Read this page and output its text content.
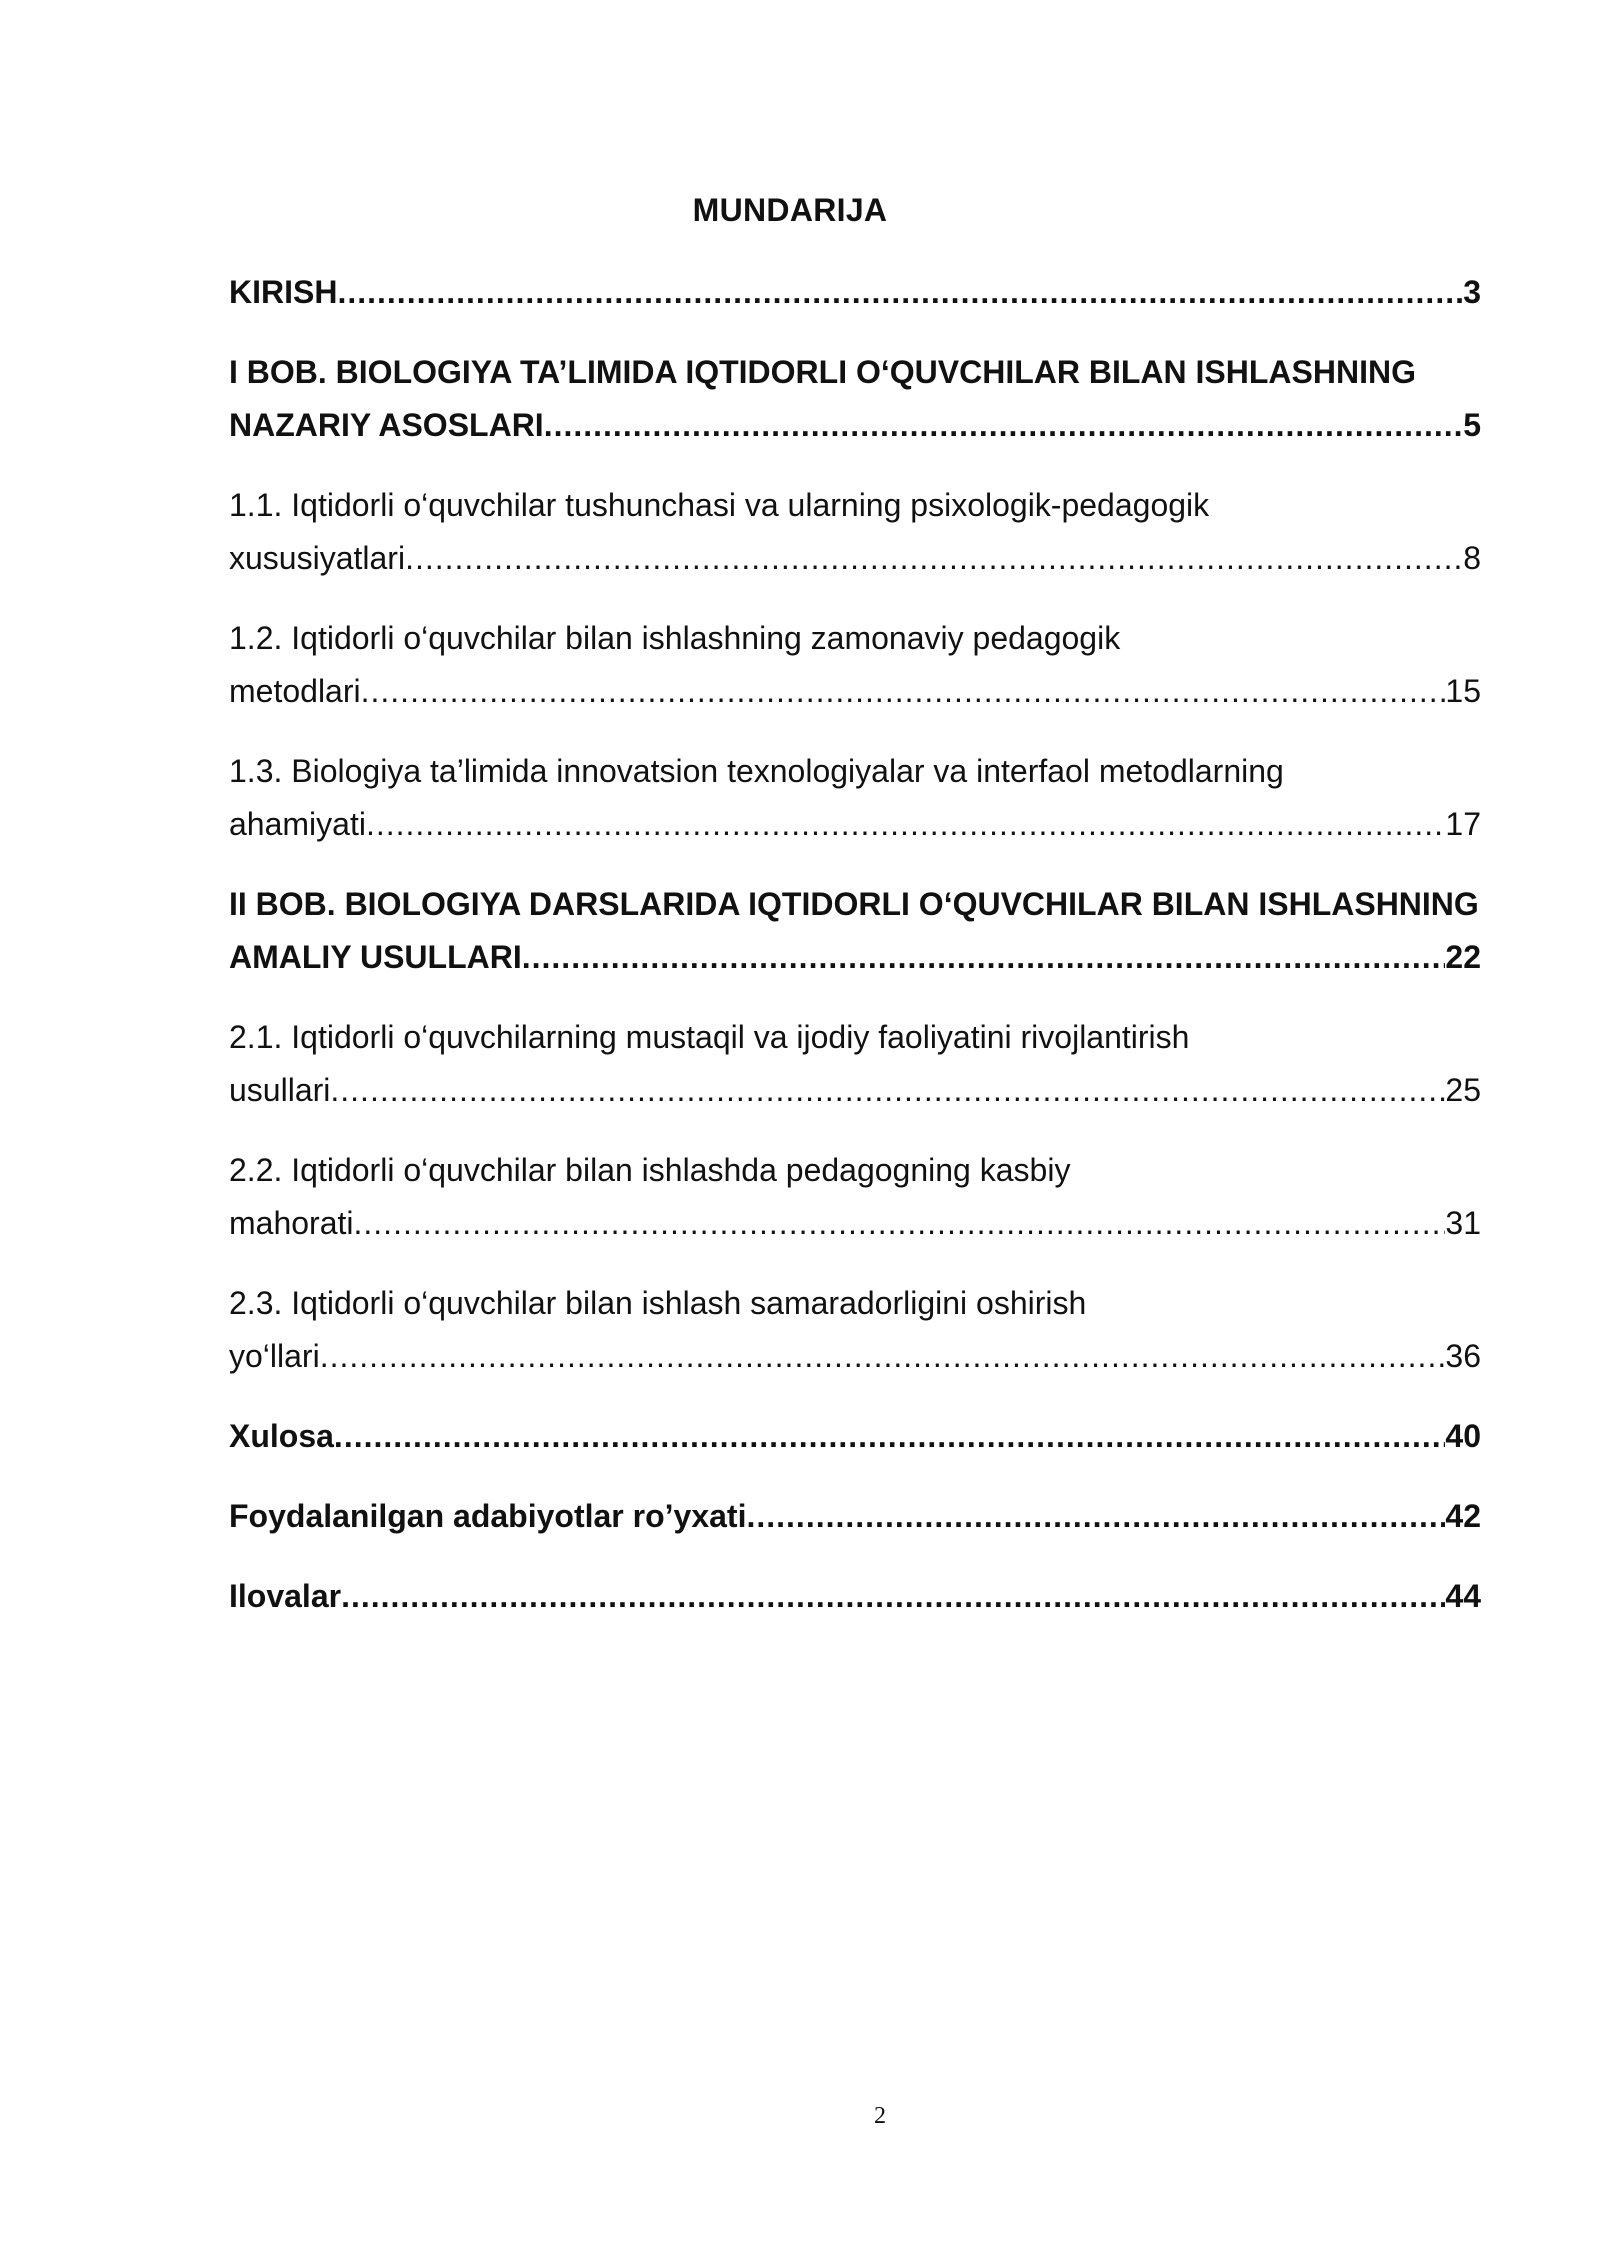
MUNDARIJA
KIRISH .....	3
I BOB. BIOLOGIYA TA’LIMIDA IQTIDORLI O‘QUVCHILAR BILAN ISHLASHNING
NAZARIY ASOSLARI .....	5
1.1. Iqtidorli o‘quvchilar tushunchasi va ularning psixologik-pedagogik
xususiyatlari .....	8
1.2. Iqtidorli o‘quvchilar bilan ishlashning zamonaviy pedagogik
metodlari .....	15
1.3. Biologiya ta’limida innovatsion texnologiyalar va interfaol metodlarning
ahamiyati .....	17
II BOB. BIOLOGIYA DARSLARIDA IQTIDORLI O‘QUVCHILAR BILAN ISHLASHNING
AMALIY USULLARI .....	22
2.1. Iqtidorli o‘quvchilarning mustaqil va ijodiy faoliyatini rivojlantirish
usullari .....	25
2.2. Iqtidorli o‘quvchilar bilan ishlashda pedagogning kasbiy
mahorati .....	31
2.3. Iqtidorli o‘quvchilar bilan ishlash samaradorligini oshirish
yo‘llari .....	36
Xulosa .....	40
Foydalanilgan adabiyotlar ro’yxati .....	42
Ilovalar .....	44
2
